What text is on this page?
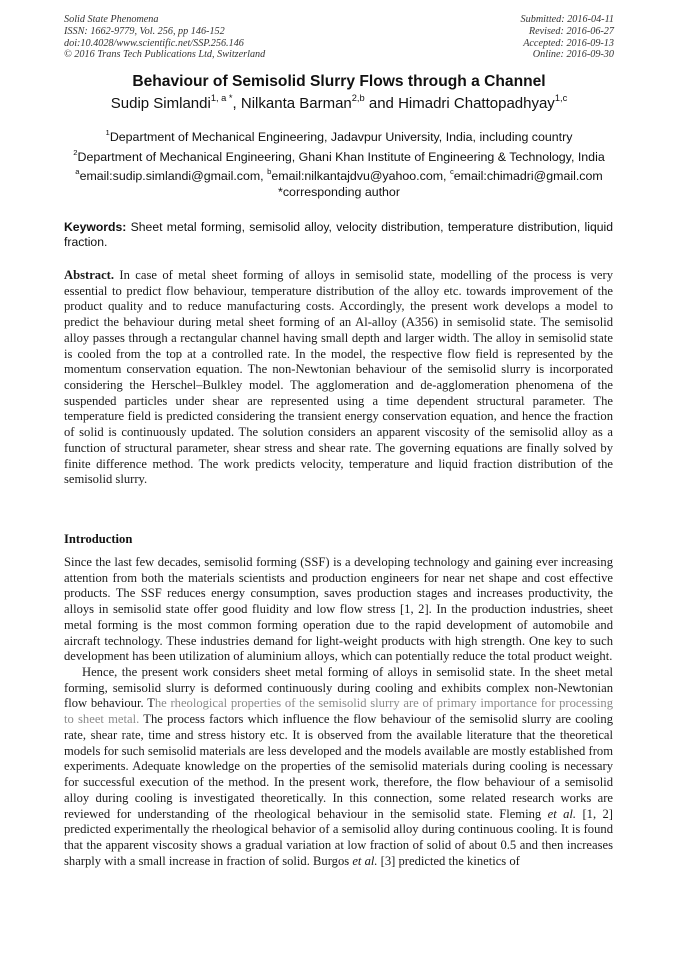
Solid State Phenomena
ISSN: 1662-9779, Vol. 256, pp 146-152
doi:10.4028/www.scientific.net/SSP.256.146
© 2016 Trans Tech Publications Ltd, Switzerland
Submitted: 2016-04-11
Revised: 2016-06-27
Accepted: 2016-09-13
Online: 2016-09-30
Behaviour of Semisolid Slurry Flows through a Channel
Sudip Simlandi$^{1, a *}$, Nilkanta Barman$^{2,b}$ and Himadri Chattopadhyay$^{1,c}$
$^1$Department of Mechanical Engineering, Jadavpur University, India, including country
$^2$Department of Mechanical Engineering, Ghani Khan Institute of Engineering & Technology, India
$^a$email:sudip.simlandi@gmail.com, $^b$email:nilkantajdvu@yahoo.com, $^c$email:chimadri@gmail.com
*corresponding author
Keywords: Sheet metal forming, semisolid alloy, velocity distribution, temperature distribution, liquid fraction.
Abstract. In case of metal sheet forming of alloys in semisolid state, modelling of the process is very essential to predict flow behaviour, temperature distribution of the alloy etc. towards improvement of the product quality and to reduce manufacturing costs. Accordingly, the present work develops a model to predict the behaviour during metal sheet forming of an Al-alloy (A356) in semisolid state. The semisolid alloy passes through a rectangular channel having small depth and larger width. The alloy in semisolid state is cooled from the top at a controlled rate. In the model, the respective flow field is represented by the momentum conservation equation. The non-Newtonian behaviour of the semisolid slurry is incorporated considering the Herschel–Bulkley model. The agglomeration and de-agglomeration phenomena of the suspended particles under shear are represented using a time dependent structural parameter. The temperature field is predicted considering the transient energy conservation equation, and hence the fraction of solid is continuously updated. The solution considers an apparent viscosity of the semisolid alloy as a function of structural parameter, shear stress and shear rate. The governing equations are finally solved by finite difference method. The work predicts velocity, temperature and liquid fraction distribution of the semisolid slurry.
Introduction

Since the last few decades, semisolid forming (SSF) is a developing technology and gaining ever increasing attention from both the materials scientists and production engineers for near net shape and cost effective products. The SSF reduces energy consumption, saves production stages and increases productivity, the alloys in semisolid state offer good fluidity and low flow stress [1, 2]. In the production industries, sheet metal forming is the most common forming operation due to the rapid development of automobile and aircraft technology. These industries demand for light-weight products with high strength. One key to such development has been utilization of aluminium alloys, which can potentially reduce the total product weight.

Hence, the present work considers sheet metal forming of alloys in semisolid state. In the sheet metal forming, semisolid slurry is deformed continuously during cooling and exhibits complex non-Newtonian flow behaviour. The rheological properties of the semisolid slurry are of primary importance for processing to sheet metal. The process factors which influence the flow behaviour of the semisolid slurry are cooling rate, shear rate, time and stress history etc. It is observed from the available literature that the theoretical models for such semisolid materials are less developed and the models available are mostly established from experiments. Adequate knowledge on the properties of the semisolid materials during cooling is necessary for successful execution of the method. In the present work, therefore, the flow behaviour of a semisolid alloy during cooling is investigated theoretically. In this connection, some related research works are reviewed for understanding of the rheological behaviour in the semisolid state. Fleming et al. [1, 2] predicted experimentally the rheological behavior of a semisolid alloy during continuous cooling. It is found that the apparent viscosity shows a gradual variation at low fraction of solid of about 0.5 and then increases sharply with a small increase in fraction of solid. Burgos et al. [3] predicted the kinetics of
